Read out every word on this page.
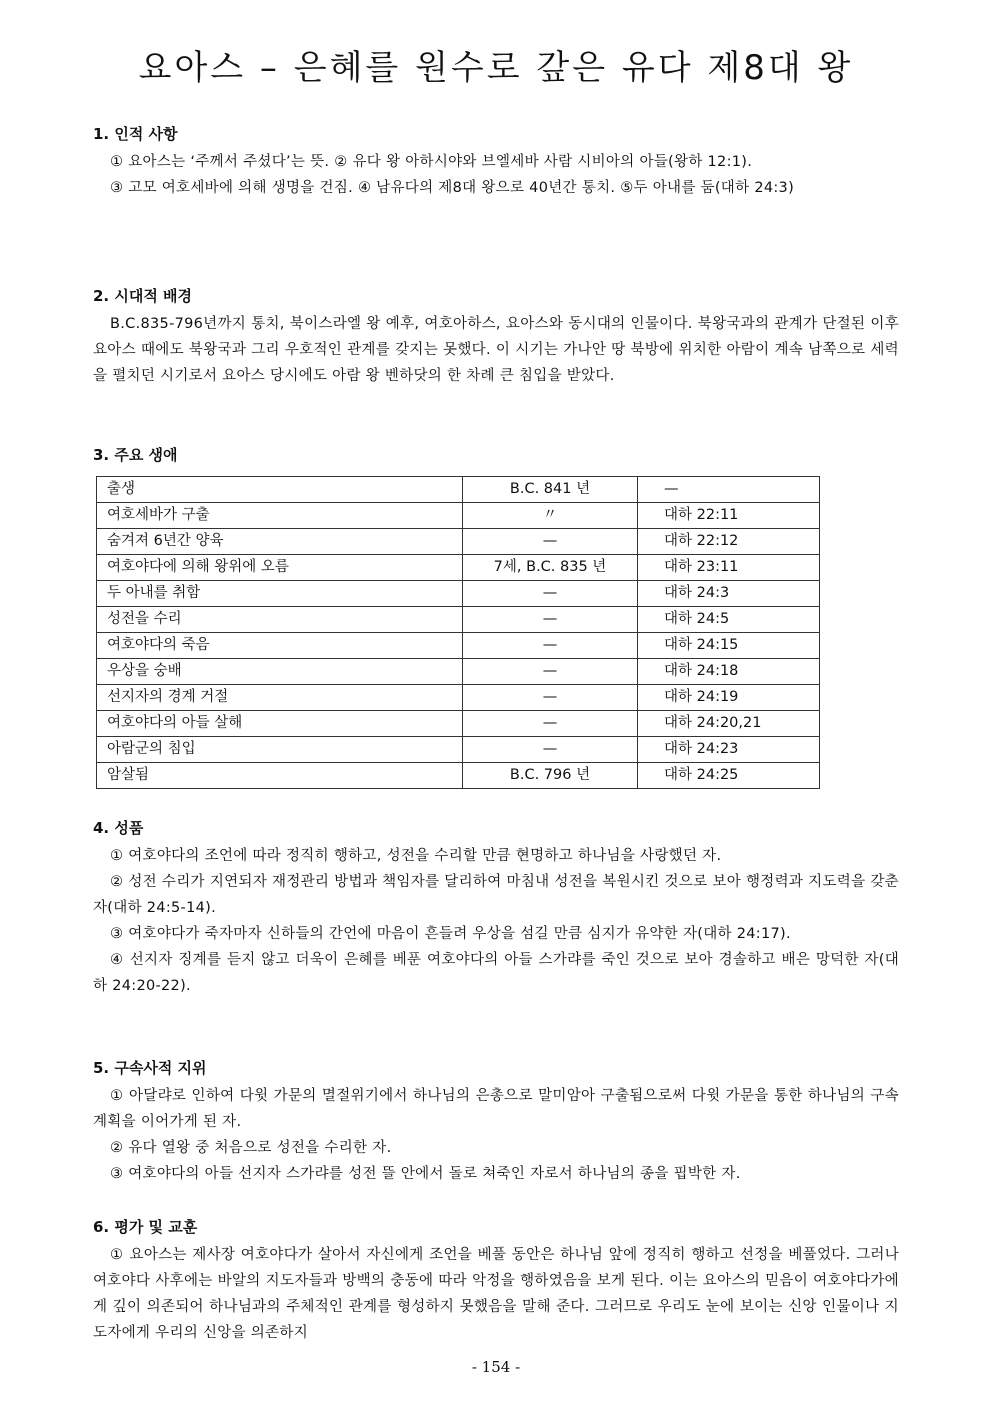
요아스 – 은혜를 원수로 갚은 유다 제8대 왕
1. 인적 사항

① 요아스는 ‘주께서 주셨다’는 뜻. ② 유다 왕 아하시야와 브엘세바 사람 시비아의 아들(왕하 12:1).

③ 고모 여호세바에 의해 생명을 건짐. ④ 남유다의 제8대 왕으로 40년간 통치. ⑤두 아내를 둠(대하 24:3)

2. 시대적 배경

B.C.835-796년까지 통치, 북이스라엘 왕 예후, 여호아하스, 요아스와 동시대의 인물이다. 북왕국과의 관계가 단절된 이후 요아스 때에도 북왕국과 그리 우호적인 관계를 갖지는 못했다. 이 시기는 가나안 땅 북방에 위치한 아람이 계속 남쪽으로 세력을 펼치던 시기로서 요아스 당시에도 아람 왕 벤하닷의 한 차례 큰 침입을 받았다.

3. 주요 생애
출생	B.C. 841 년	—
여호세바가 구출	〃	대하 22:11
숨겨져 6년간 양육	—	대하 22:12
여호야다에 의해 왕위에 오름	7세, B.C. 835 년	대하 23:11
두 아내를 취함	—	대하 24:3
성전을 수리	—	대하 24:5
여호야다의 죽음	—	대하 24:15
우상을 숭배	—	대하 24:18
선지자의 경계 거절	—	대하 24:19
여호야다의 아들 살해	—	대하 24:20,21
아람군의 침입	—	대하 24:23
암살됨	B.C. 796 년	대하 24:25
4. 성품

① 여호야다의 조언에 따라 정직히 행하고, 성전을 수리할 만큼 현명하고 하나님을 사랑했던 자.

② 성전 수리가 지연되자 재정관리 방법과 책임자를 달리하여 마침내 성전을 복원시킨 것으로 보아 행정력과 지도력을 갖춘 자(대하 24:5-14).

③ 여호야다가 죽자마자 신하들의 간언에 마음이 흔들려 우상을 섬길 만큼 심지가 유약한 자(대하 24:17).

④ 선지자 징계를 듣지 않고 더욱이 은혜를 베푼 여호야다의 아들 스가랴를 죽인 것으로 보아 경솔하고 배은 망덕한 자(대하 24:20-22).

5. 구속사적 지위

① 아달랴로 인하여 다윗 가문의 멸절위기에서 하나님의 은총으로 말미암아 구출됨으로써 다윗 가문을 통한 하나님의 구속 계획을 이어가게 된 자.

② 유다 열왕 중 처음으로 성전을 수리한 자.

③ 여호야다의 아들 선지자 스가랴를 성전 뜰 안에서 돌로 쳐죽인 자로서 하나님의 종을 핍박한 자.

6. 평가 및 교훈

① 요아스는 제사장 여호야다가 살아서 자신에게 조언을 베풀 동안은 하나님 앞에 정직히 행하고 선정을 베풀었다. 그러나 여호야다 사후에는 바알의 지도자들과 방백의 충동에 따라 악정을 행하였음을 보게 된다. 이는 요아스의 믿음이 여호야다가에게 깊이 의존되어 하나님과의 주체적인 관계를 형성하지 못했음을 말해 준다. 그러므로 우리도 눈에 보이는 신앙 인물이나 지도자에게 우리의 신앙을 의존하지

- 154 -
